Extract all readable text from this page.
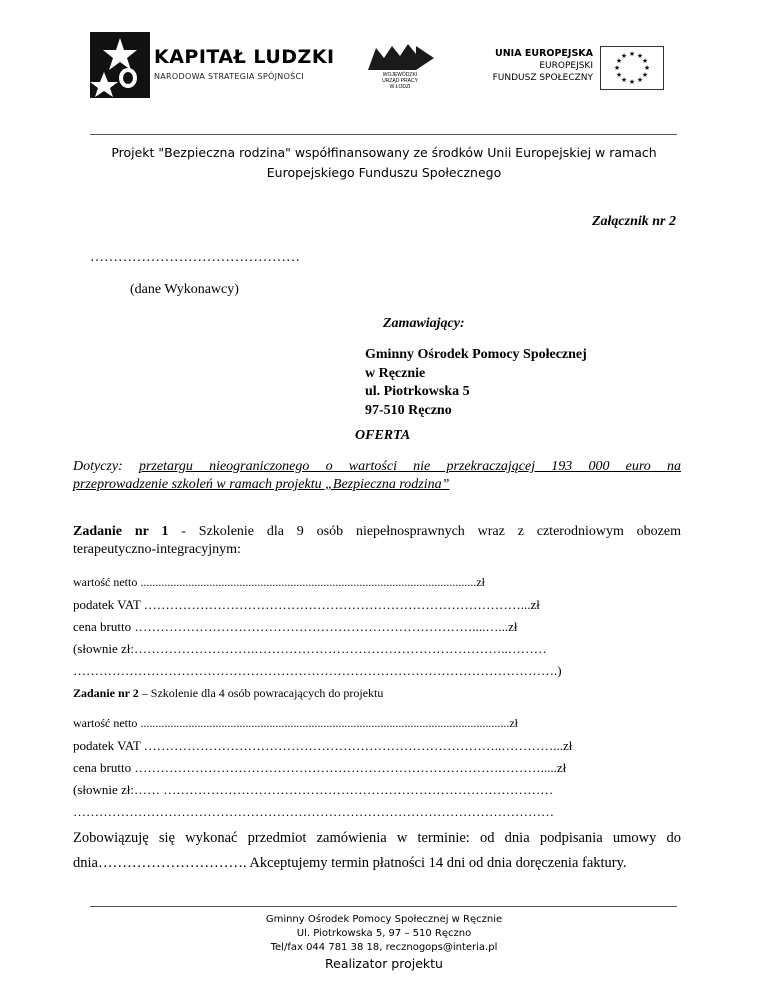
KAPITAŁ LUDZKI
NARODOWA STRATEGIA SPÓJNOŚCI	WOJEWÓDZKI
URZĄD PRACY
W ŁODZI
UNIA EUROPEJSKA
EUROPEJSKI
FUNDUSZ SPOŁECZNY
★ ★
★
★
★
★
★
★
★
★
★
★
Projekt "Bezpieczna rodzina" współfinansowany ze środków Unii Europejskiej w ramach
Europejskiego Funduszu Społecznego
Załącznik nr 2
………………………………………
(dane Wykonawcy)
Zamawiający:
Gminny Ośrodek Pomocy Społecznej
w Ręcznie
ul. Piotrkowska 5
97-510 Ręczno
OFERTA
Dotyczy: przetargu nieograniczonego o wartości nie przekraczającej 193 000 euro na
przeprowadzenie szkoleń w ramach projektu „Bezpieczna rodzina”
Zadanie nr 1 - Szkolenie dla 9 osób niepełnosprawnych wraz z czterodniowym obozem
terapeutyczno-integracyjnym:
wartość netto ................................................................................................................zł
podatek VAT ……………………………………………………………………………...zł
cena brutto ……………………………………………………………………....…...zł
(słownie zł:……………………….…………………………………………………..………
………………………………………………………………………………………………….)
Zadanie nr 2 – Szkolenie dla 4 osób powracających do projektu
wartość netto ...........................................................................................................................zł
podatek VAT ………………………………………………………………………..…………...zł
cena brutto ………………………………………………………………………….……….....zł
(słownie zł:…… ………………………………………………………………………………
…………………………………………………………………………………………………
Zobowiązuję się wykonać przedmiot zamówienia w terminie: od dnia podpisania umowy do
dnia…………………………. Akceptujemy termin płatności 14 dni od dnia doręczenia faktury.
Gminny Ośrodek Pomocy Społecznej w Ręcznie
Ul. Piotrkowska 5, 97 – 510 Ręczno
Tel/fax 044 781 38 18, recznogops@interia.pl
Realizator projektu
